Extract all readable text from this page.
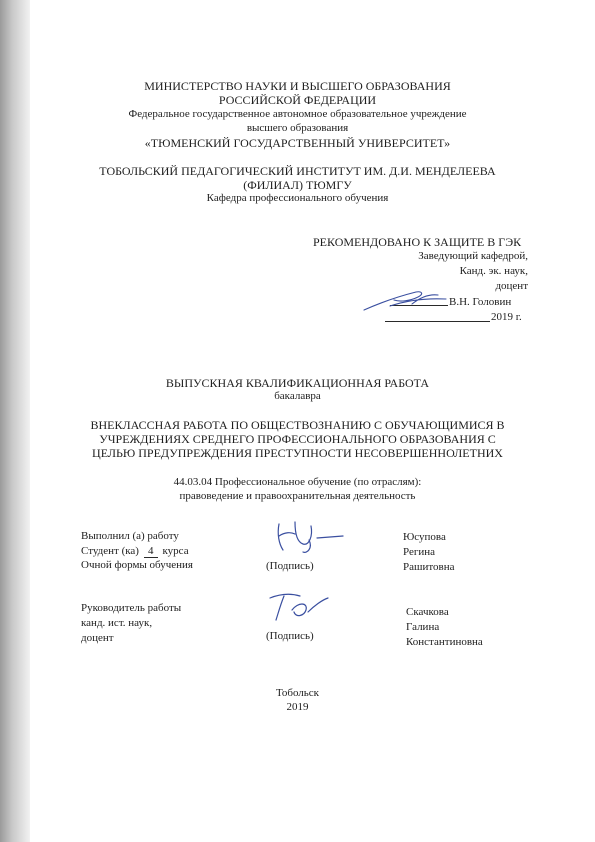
МИНИСТЕРСТВО НАУКИ И ВЫСШЕГО ОБРАЗОВАНИЯ
РОССИЙСКОЙ ФЕДЕРАЦИИ
Федеральное государственное автономное образовательное учреждение
высшего образования
«ТЮМЕНСКИЙ ГОСУДАРСТВЕННЫЙ УНИВЕРСИТЕТ»
ТОБОЛЬСКИЙ ПЕДАГОГИЧЕСКИЙ ИНСТИТУТ ИМ. Д.И. МЕНДЕЛЕЕВА
(ФИЛИАЛ) ТЮМГУ
Кафедра профессионального обучения
РЕКОМЕНДОВАНО К ЗАЩИТЕ В ГЭК
Заведующий кафедрой,
Канд. эк. наук,
доцент
В.Н. Головин
2019 г.
ВЫПУСКНАЯ КВАЛИФИКАЦИОННАЯ РАБОТА
бакалавра
ВНЕКЛАССНАЯ РАБОТА ПО ОБЩЕСТВОЗНАНИЮ С ОБУЧАЮЩИМИСЯ В
УЧРЕЖДЕНИЯХ СРЕДНЕГО ПРОФЕССИОНАЛЬНОГО ОБРАЗОВАНИЯ С
ЦЕЛЬЮ ПРЕДУПРЕЖДЕНИЯ ПРЕСТУПНОСТИ НЕСОВЕРШЕННОЛЕТНИХ
44.03.04 Профессиональное обучение (по отраслям):
правоведение и правоохранительная деятельность
Выполнил (а) работу
Студент (ка) 4 курса
Очной формы обучения	(Подпись)
Юсупова
Регина
Рашитовна
Руководитель работы
канд. ист. наук,
доцент	(Подпись)
Скачкова
Галина
Константиновна
Тобольск
2019
